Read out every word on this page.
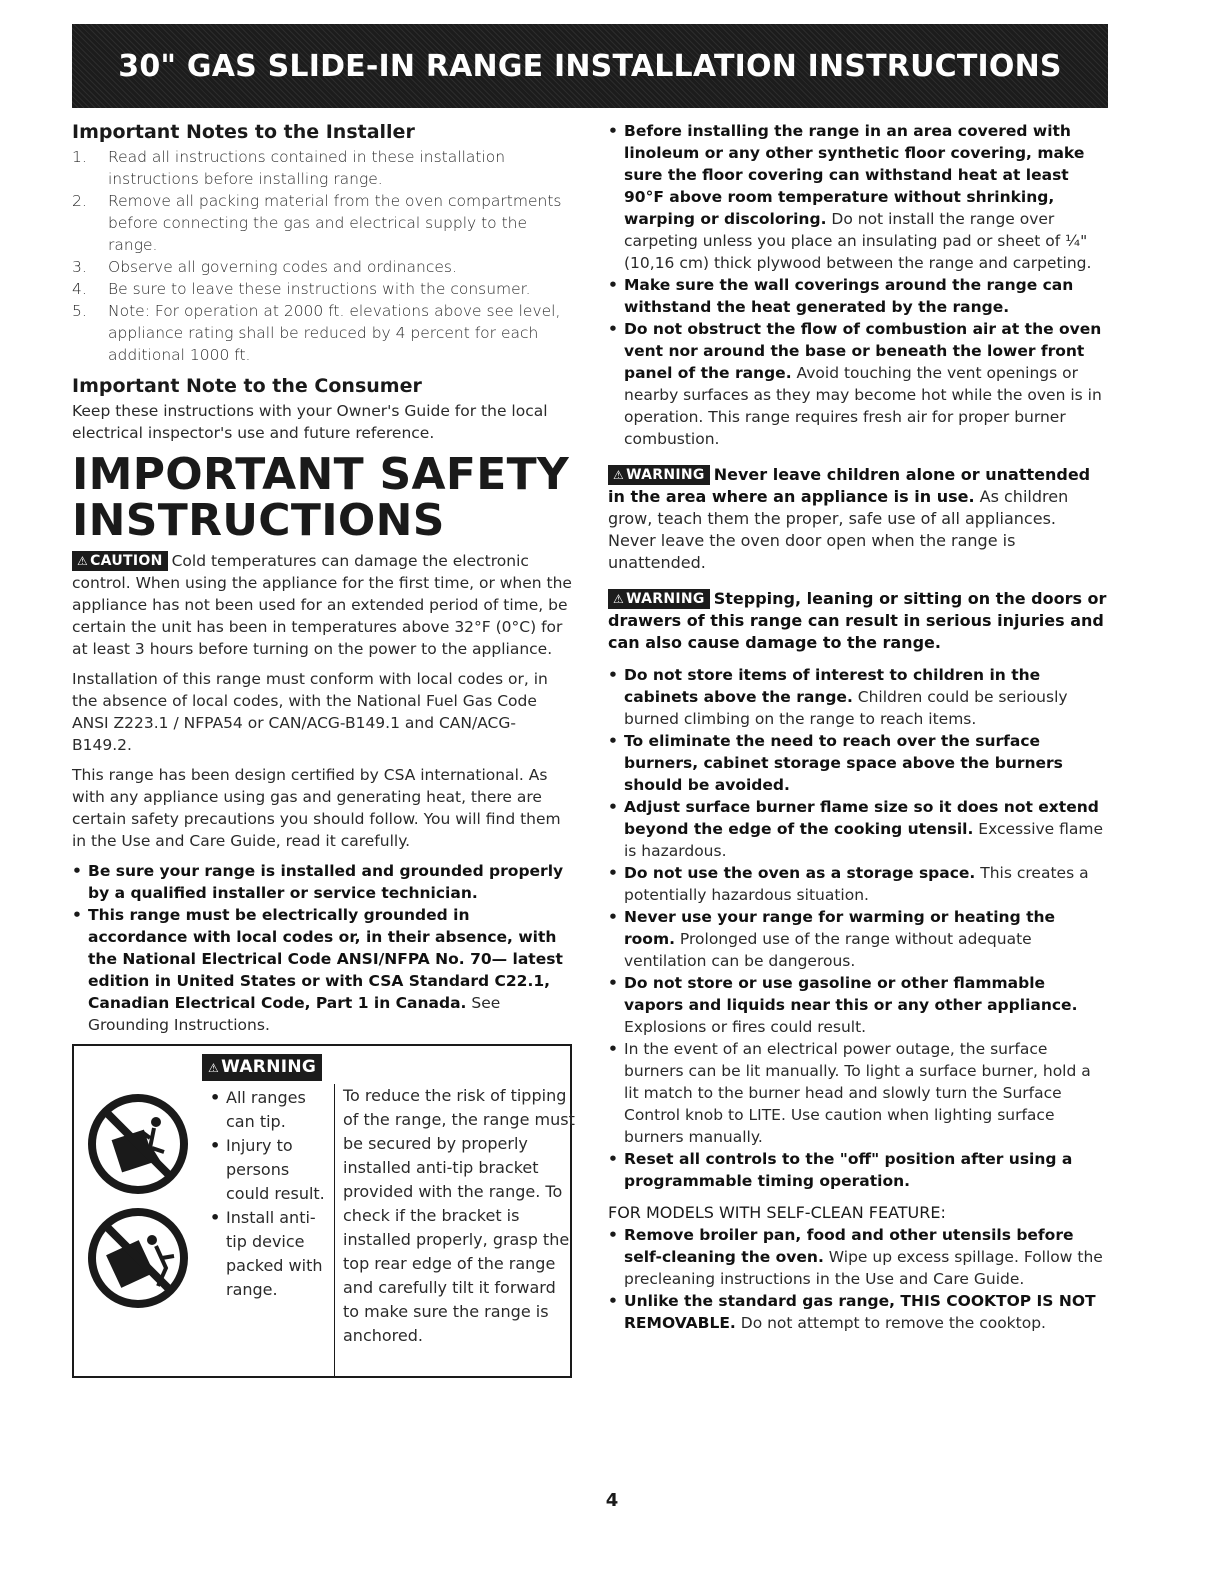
30" GAS SLIDE-IN RANGE INSTALLATION INSTRUCTIONS
Important Notes to the Installer
1. Read all instructions contained in these installation instructions before installing range.
2. Remove all packing material from the oven compartments before connecting the gas and electrical supply to the range.
3. Observe all governing codes and ordinances.
4. Be sure to leave these instructions with the consumer.
5. Note: For operation at 2000 ft. elevations above see level, appliance rating shall be reduced by 4 percent for each additional 1000 ft.
Important Note to the Consumer

Keep these instructions with your Owner's Guide for the local electrical inspector's use and future reference.

IMPORTANT SAFETY
INSTRUCTIONS

⚠ CAUTION Cold temperatures can damage the electronic control. When using the appliance for the first time, or when the appliance has not been used for an extended period of time, be certain the unit has been in temperatures above 32°F (0°C) for at least 3 hours before turning on the power to the appliance.

Installation of this range must conform with local codes or, in the absence of local codes, with the National Fuel Gas Code ANSI Z223.1 / NFPA54 or CAN/ACG-B149.1 and CAN/ACG-B149.2.

This range has been design certified by CSA international. As with any appliance using gas and generating heat, there are certain safety precautions you should follow. You will find them in the Use and Care Guide, read it carefully.

• Be sure your range is installed and grounded properly by a qualified installer or service technician.
• This range must be electrically grounded in accordance with local codes or, in their absence, with the National Electrical Code ANSI/NFPA No. 70— latest edition in United States or with CSA Standard C22.1, Canadian Electrical Code, Part 1 in Canada. See Grounding Instructions.
⚠ WARNING
• All ranges can tip.
• Injury to persons could result.
• Install anti-tip device packed with range.
To reduce the risk of tipping of the range, the range must be secured by properly installed anti-tip bracket provided with the range. To check if the bracket is installed properly, grasp the top rear edge of the range and carefully tilt it forward to make sure the range is anchored.
• Before installing the range in an area covered with linoleum or any other synthetic floor covering, make sure the floor covering can withstand heat at least 90°F above room temperature without shrinking, warping or discoloring. Do not install the range over carpeting unless you place an insulating pad or sheet of ¼" (10,16 cm) thick plywood between the range and carpeting.
• Make sure the wall coverings around the range can withstand the heat generated by the range.
• Do not obstruct the flow of combustion air at the oven vent nor around the base or beneath the lower front panel of the range. Avoid touching the vent openings or nearby surfaces as they may become hot while the oven is in operation. This range requires fresh air for proper burner combustion.

⚠ WARNING Never leave children alone or unattended in the area where an appliance is in use. As children grow, teach them the proper, safe use of all appliances. Never leave the oven door open when the range is unattended.

⚠ WARNING Stepping, leaning or sitting on the doors or drawers of this range can result in serious injuries and can also cause damage to the range.

• Do not store items of interest to children in the cabinets above the range. Children could be seriously burned climbing on the range to reach items.
• To eliminate the need to reach over the surface burners, cabinet storage space above the burners should be avoided.
• Adjust surface burner flame size so it does not extend beyond the edge of the cooking utensil. Excessive flame is hazardous.
• Do not use the oven as a storage space. This creates a potentially hazardous situation.
• Never use your range for warming or heating the room. Prolonged use of the range without adequate ventilation can be dangerous.
• Do not store or use gasoline or other flammable vapors and liquids near this or any other appliance. Explosions or fires could result.
• In the event of an electrical power outage, the surface burners can be lit manually. To light a surface burner, hold a lit match to the burner head and slowly turn the Surface Control knob to LITE. Use caution when lighting surface burners manually.
• Reset all controls to the "off" position after using a programmable timing operation.
FOR MODELS WITH SELF-CLEAN FEATURE:
• Remove broiler pan, food and other utensils before self-cleaning the oven. Wipe up excess spillage. Follow the precleaning instructions in the Use and Care Guide.
• Unlike the standard gas range, THIS COOKTOP IS NOT REMOVABLE. Do not attempt to remove the cooktop.
4
